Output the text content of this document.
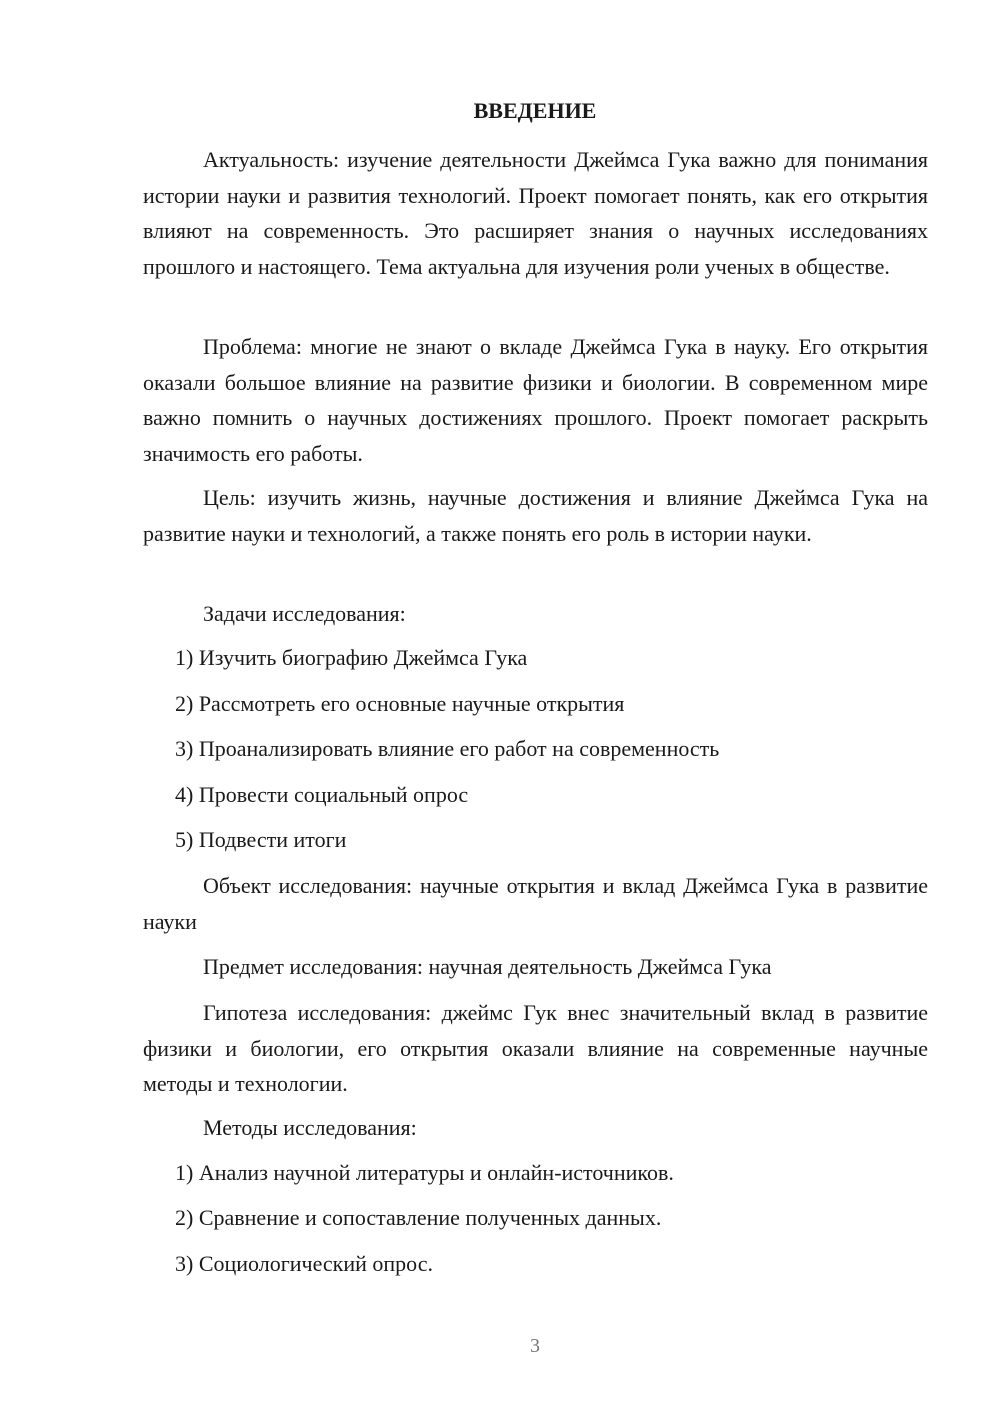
ВВЕДЕНИЕ

Актуальность: изучение деятельности Джеймса Гука важно для понимания истории науки и развития технологий. Проект помогает понять, как его открытия влияют на современность. Это расширяет знания о научных исследованиях прошлого и настоящего. Тема актуальна для изучения роли ученых в обществе.

Проблема: многие не знают о вкладе Джеймса Гука в науку. Его открытия оказали большое влияние на развитие физики и биологии. В современном мире важно помнить о научных достижениях прошлого. Проект помогает раскрыть значимость его работы.

Цель: изучить жизнь, научные достижения и влияние Джеймса Гука на развитие науки и технологий, а также понять его роль в истории науки.

Задачи исследования:

1) Изучить биографию Джеймса Гука

2) Рассмотреть его основные научные открытия

3) Проанализировать влияние его работ на современность

4) Провести социальный опрос

5) Подвести итоги

Объект исследования: научные открытия и вклад Джеймса Гука в развитие науки

Предмет исследования: научная деятельность Джеймса Гука

Гипотеза исследования: джеймс Гук внес значительный вклад в развитие физики и биологии, его открытия оказали влияние на современные научные методы и технологии.

Методы исследования:

1) Анализ научной литературы и онлайн-источников.

2) Сравнение и сопоставление полученных данных.

3) Социологический опрос.

3
